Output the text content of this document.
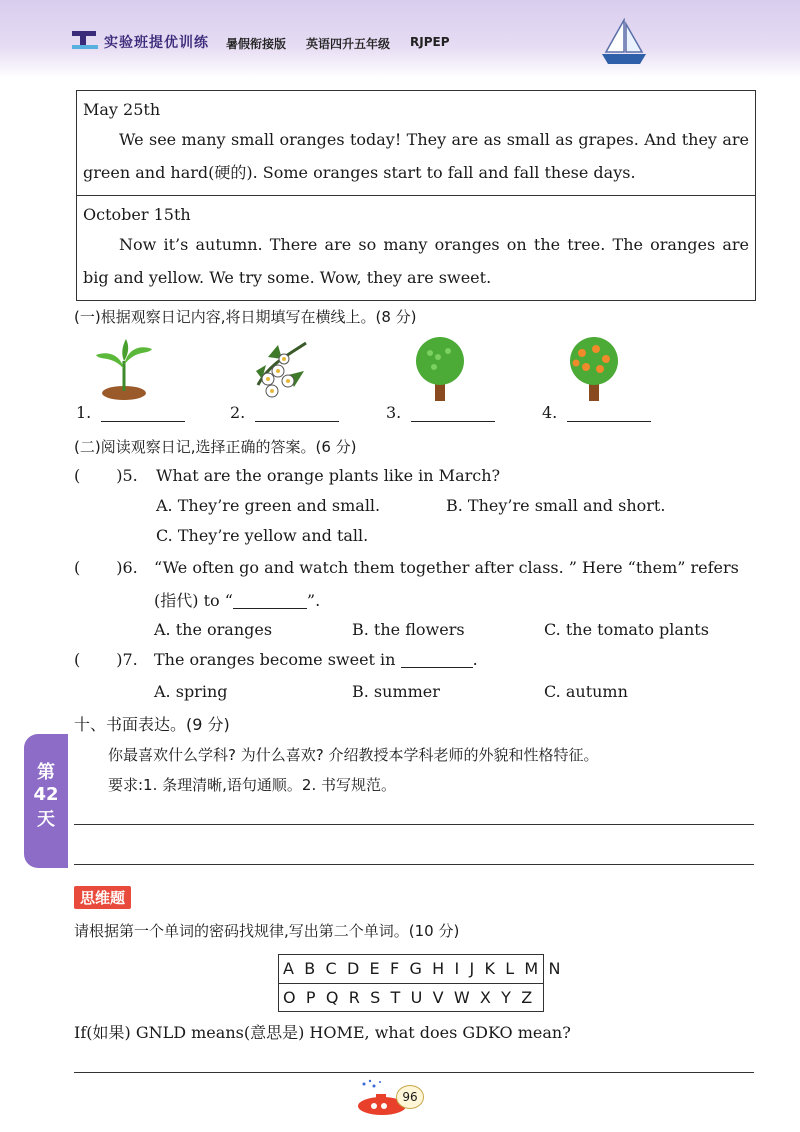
实验班提优训练 暑假衔接版 英语四升五年级 RJPEP
May 25th
We see many small oranges today! They are as small as grapes. And they are green and hard(硬的). Some oranges start to fall and fall these days.
October 15th
Now it’s autumn. There are so many oranges on the tree. The oranges are big and yellow. We try some. Wow, they are sweet.
(一)根据观察日记内容,将日期填写在横线上。(8 分)
1.	2.	3.	4.
(二)阅读观察日记,选择正确的答案。(6 分)
( )5. What are the orange plants like in March?
A. They’re green and small.	B. They’re small and short.
C. They’re yellow and tall.
( )6. “We often go and watch them together after class. ” Here “them” refers
(指代) to “	”.
A. the oranges	B. the flowers	C. the tomato plants
( )7. The oranges become sweet in	.
A. spring	B. summer	C. autumn
十、书面表达。(9 分)
你最喜欢什么学科? 为什么喜欢? 介绍教授本学科老师的外貌和性格特征。
要求:1. 条理清晰,语句通顺。2. 书写规范。
第
42
天
思维题
请根据第一个单词的密码找规律,写出第二个单词。(10 分)
A B C D E F G H I J K L M N
O P Q R S T U V W X Y Z
If(如果) GNLD means(意思是) HOME, what does GDKO mean?
96
